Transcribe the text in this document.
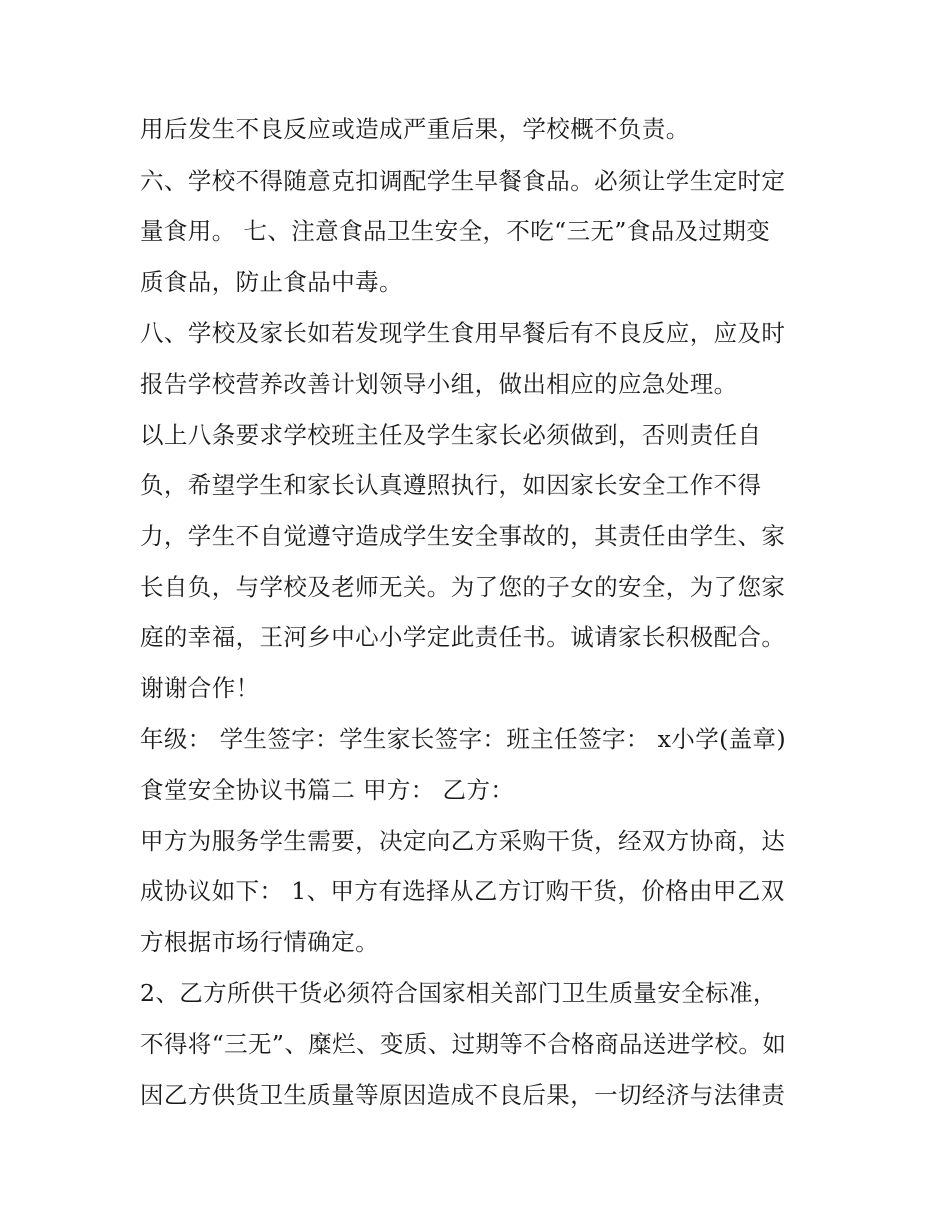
用后发生不良反应或造成严重后果，学校概不负责。
六、学校不得随意克扣调配学生早餐食品。必须让学生定时定
量食用。 七、注意食品卫生安全，不吃“三无”食品及过期变
质食品，防止食品中毒。
八、学校及家长如若发现学生食用早餐后有不良反应，应及时
报告学校营养改善计划领导小组，做出相应的应急处理。
以上八条要求学校班主任及学生家长必须做到，否则责任自
负，希望学生和家长认真遵照执行，如因家长安全工作不得
力，学生不自觉遵守造成学生安全事故的，其责任由学生、家
长自负，与学校及老师无关。为了您的子女的安全，为了您家
庭的幸福，王河乡中心小学定此责任书。诚请家长积极配合。
谢谢合作！
年级： 学生签字：学生家长签字：班主任签字： x小学(盖章)
食堂安全协议书篇二 甲方： 乙方：
甲方为服务学生需要，决定向乙方采购干货，经双方协商，达
成协议如下： 1、甲方有选择从乙方订购干货，价格由甲乙双
方根据市场行情确定。
2、乙方所供干货必须符合国家相关部门卫生质量安全标准，
不得将“三无”、糜烂、变质、过期等不合格商品送进学校。如
因乙方供货卫生质量等原因造成不良后果，一切经济与法律责
